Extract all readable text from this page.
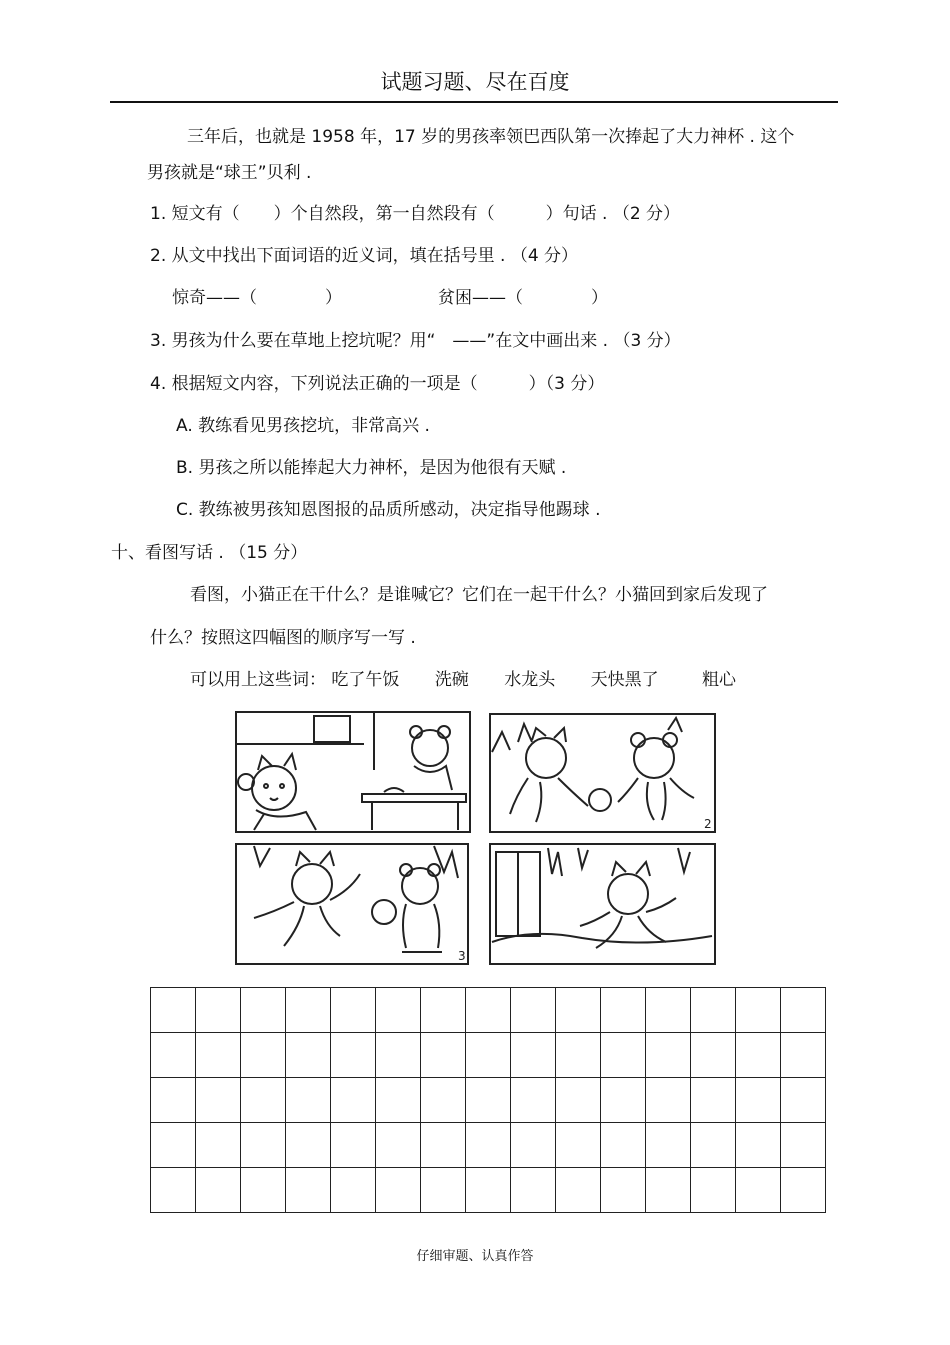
试题习题、尽在百度
三年后，也就是 1958 年，17 岁的男孩率领巴西队第一次捧起了大力神杯 . 这个
男孩就是“球王”贝利 .
1. 短文有（　　）个自然段，第一自然段有（　　　）句话 . （2 分）
2. 从文中找出下面词语的近义词，填在括号里 . （4 分）
惊奇——（　　　　）	贫困——（　　　　）
3. 男孩为什么要在草地上挖坑呢？用“　——”在文中画出来 . （3 分）
4. 根据短文内容，下列说法正确的一项是（　　　）（3 分）
A. 教练看见男孩挖坑，非常高兴 .
B. 男孩之所以能捧起大力神杯，是因为他很有天赋 .
C. 教练被男孩知恩图报的品质所感动，决定指导他踢球 .
十、看图写话 . （15 分）
看图，小猫正在干什么？是谁喊它？它们在一起干什么？小猫回到家后发现了
什么？按照这四幅图的顺序写一写 .
可以用上这些词： 吃了午饭 洗碗 水龙头 天快黑了	粗心
2
3

仔细审题、认真作答
